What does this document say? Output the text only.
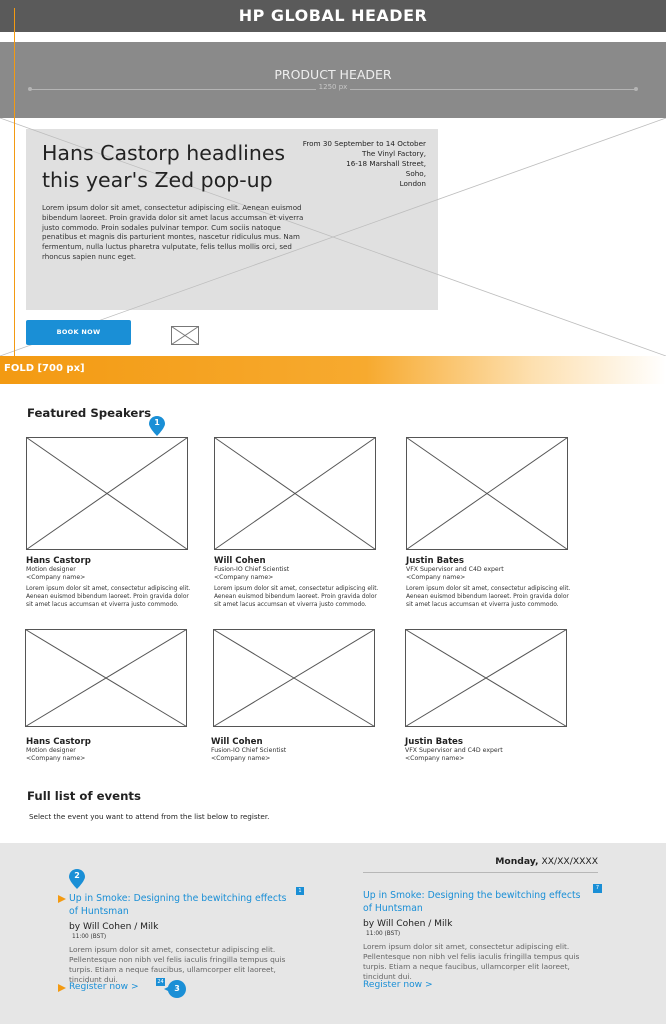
HP GLOBAL HEADER
PRODUCT HEADER
1250 px
Hans Castorp headlines this year's Zed pop-up
Lorem ipsum dolor sit amet, consectetur adipiscing elit. Aenean euismod bibendum laoreet. Proin gravida dolor sit amet lacus accumsan et viverra justo commodo. Proin sodales pulvinar tempor. Cum sociis natoque penatibus et magnis dis parturient montes, nascetur ridiculus mus. Nam fermentum, nulla luctus pharetra vulputate, felis tellus mollis orci, sed rhoncus sapien nunc eget.
From 30 September to 14 October
The Vinyl Factory,
16-18 Marshall Street,
Soho,
London
BOOK NOW
FOLD [700 px]
Featured Speakers
1
Hans Castorp
Motion designer
<Company name>
Lorem ipsum dolor sit amet, consectetur adipiscing elit. Aenean euismod bibendum laoreet. Proin gravida dolor sit amet lacus accumsan et viverra justo commodo.
Will Cohen
Fusion-IO Chief Scientist
<Company name>
Lorem ipsum dolor sit amet, consectetur adipiscing elit. Aenean euismod bibendum laoreet. Proin gravida dolor sit amet lacus accumsan et viverra justo commodo.
Justin Bates
VFX Supervisor and C4D expert
<Company name>
Lorem ipsum dolor sit amet, consectetur adipiscing elit. Aenean euismod bibendum laoreet. Proin gravida dolor sit amet lacus accumsan et viverra justo commodo.
Hans Castorp
Motion designer
<Company name>
Will Cohen
Fusion-IO Chief Scientist
<Company name>
Justin Bates
VFX Supervisor and C4D expert
<Company name>
Full list of events
Select the event you want to attend from the list below to register.
Monday, XX/XX/XXXX
2
Up in Smoke: Designing the bewitching effects of Huntsman
1
by Will Cohen / Milk
11:00 (BST)
Lorem ipsum dolor sit amet, consectetur adipiscing elit. Pellentesque non nibh vel felis iaculis fringilla tempus quis turpis. Etiam a neque faucibus, ullamcorper elit laoreet, tincidunt dui.
Register now >	24
3
Up in Smoke: Designing the bewitching effects of Huntsman
7
by Will Cohen / Milk
11:00 (BST)
Lorem ipsum dolor sit amet, consectetur adipiscing elit. Pellentesque non nibh vel felis iaculis fringilla tempus quis turpis. Etiam a neque faucibus, ullamcorper elit laoreet, tincidunt dui.
Register now >
